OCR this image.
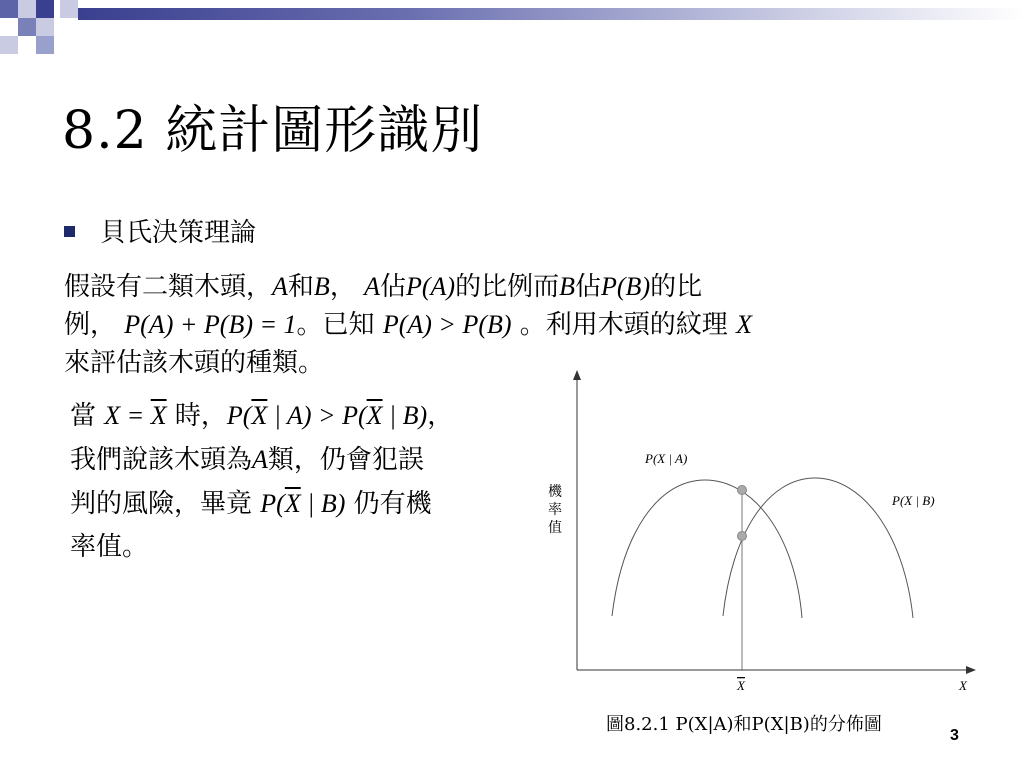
8.2 統計圖形識別
貝氏決策理論

假設有二類木頭，A和B， A佔P(A)的比例而B佔P(B)的比

例， P(A) + P(B) = 1。已知 P(A) > P(B) 。利用木頭的紋理 X

來評估該木頭的種類。

當 $X = \overline{X}$ 時，$P(\overline{X}$ | $A) > P(\overline{X}$ | B)，

我們說該木頭為A類，仍會犯誤

判的風險，畢竟 $P(\overline{X}$ | B) 仍有機

率值。

P(X | A)
P(X | B)
機率值
X	X
圖8.2.1 P(X|A)和P(X|B)的分佈圖
3
